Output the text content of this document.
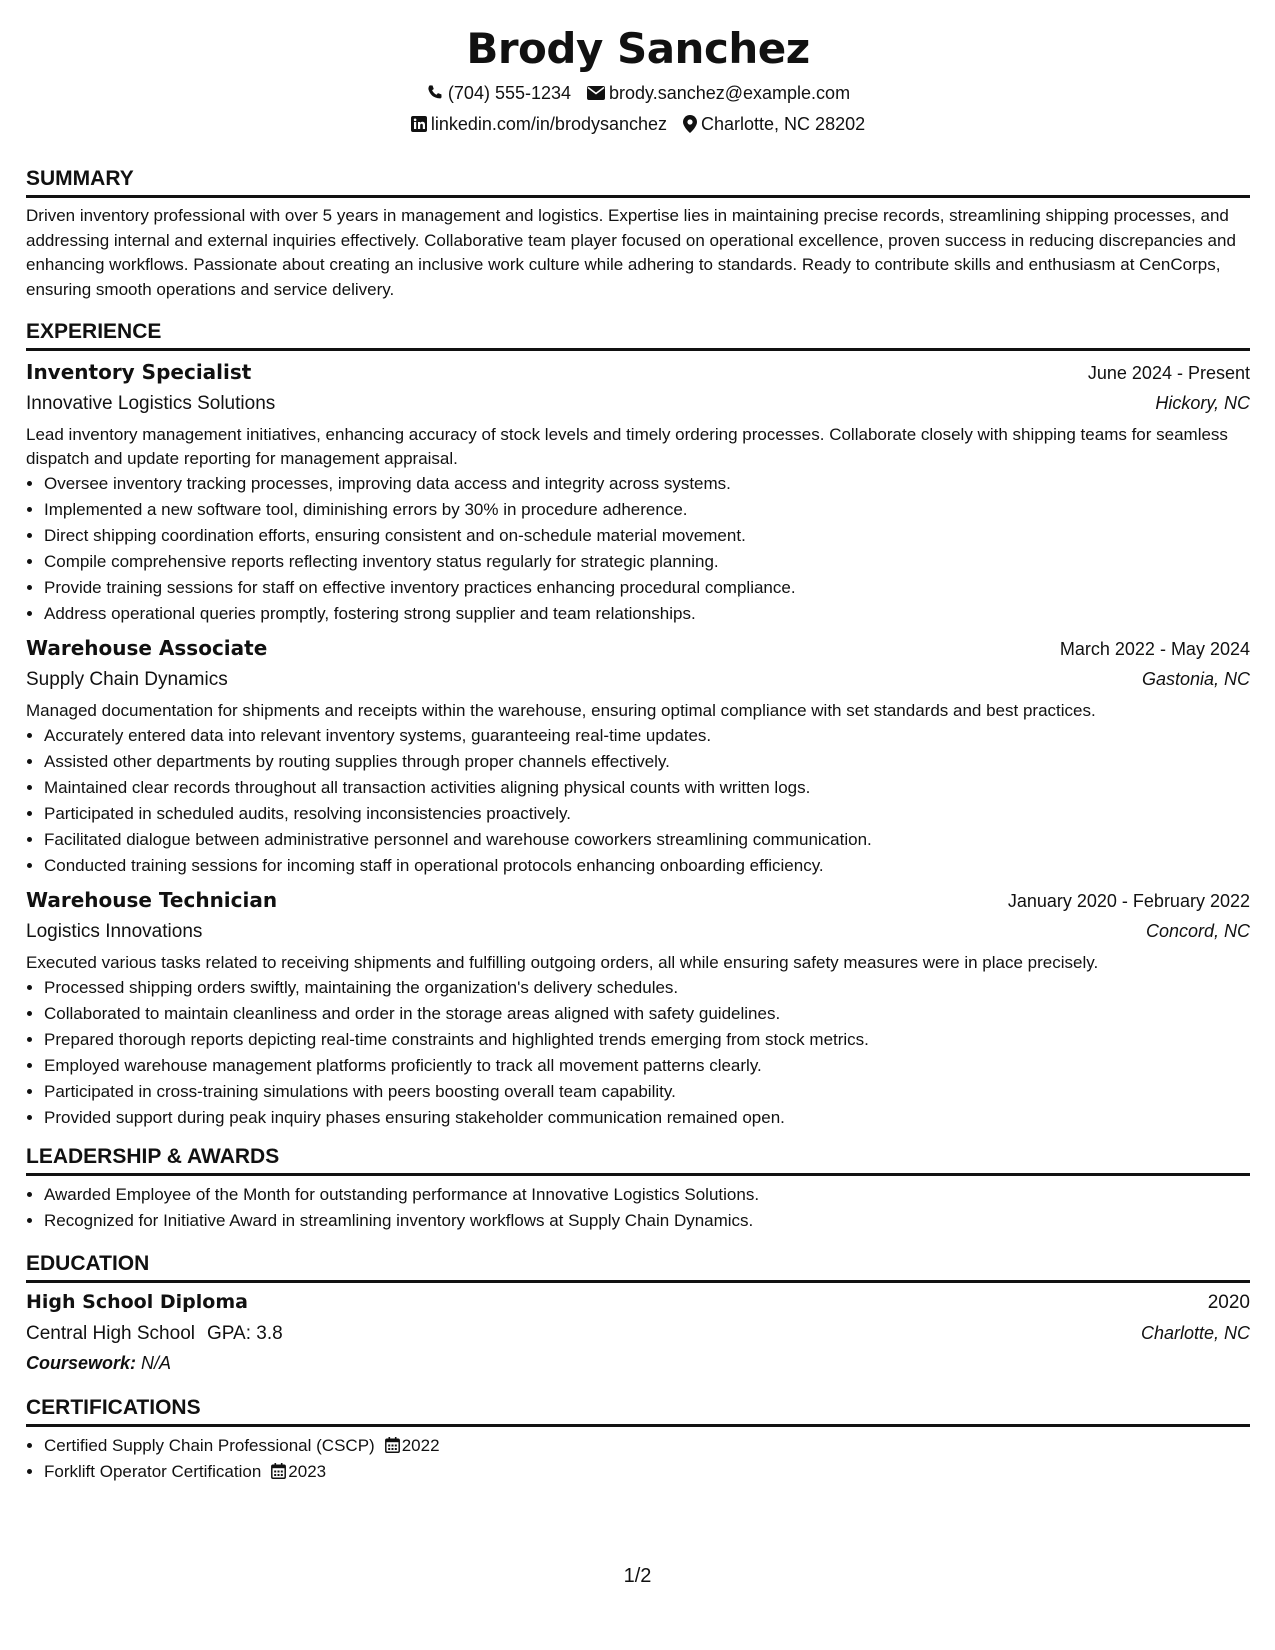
Brody Sanchez
(704) 555-1234 brody.sanchez@example.com
linkedin.com/in/brodysanchez Charlotte, NC 28202
SUMMARY

Driven inventory professional with over 5 years in management and logistics. Expertise lies in maintaining precise records, streamlining shipping processes, and addressing internal and external inquiries effectively. Collaborative team player focused on operational excellence, proven success in reducing discrepancies and enhancing workflows. Passionate about creating an inclusive work culture while adhering to standards. Ready to contribute skills and enthusiasm at CenCorps, ensuring smooth operations and service delivery.

EXPERIENCE
Inventory Specialist	June 2024 - Present
Innovative Logistics Solutions	Hickory, NC

Lead inventory management initiatives, enhancing accuracy of stock levels and timely ordering processes. Collaborate closely with shipping teams for seamless dispatch and update reporting for management appraisal.

• Oversee inventory tracking processes, improving data access and integrity across systems.
• Implemented a new software tool, diminishing errors by 30% in procedure adherence.
• Direct shipping coordination efforts, ensuring consistent and on-schedule material movement.
• Compile comprehensive reports reflecting inventory status regularly for strategic planning.
• Provide training sessions for staff on effective inventory practices enhancing procedural compliance.
• Address operational queries promptly, fostering strong supplier and team relationships.
Warehouse Associate	March 2022 - May 2024
Supply Chain Dynamics	Gastonia, NC

Managed documentation for shipments and receipts within the warehouse, ensuring optimal compliance with set standards and best practices.

• Accurately entered data into relevant inventory systems, guaranteeing real-time updates.
• Assisted other departments by routing supplies through proper channels effectively.
• Maintained clear records throughout all transaction activities aligning physical counts with written logs.
• Participated in scheduled audits, resolving inconsistencies proactively.
• Facilitated dialogue between administrative personnel and warehouse coworkers streamlining communication.
• Conducted training sessions for incoming staff in operational protocols enhancing onboarding efficiency.
Warehouse Technician	January 2020 - February 2022
Logistics Innovations	Concord, NC

Executed various tasks related to receiving shipments and fulfilling outgoing orders, all while ensuring safety measures were in place precisely.

• Processed shipping orders swiftly, maintaining the organization's delivery schedules.
• Collaborated to maintain cleanliness and order in the storage areas aligned with safety guidelines.
• Prepared thorough reports depicting real-time constraints and highlighted trends emerging from stock metrics.
• Employed warehouse management platforms proficiently to track all movement patterns clearly.
• Participated in cross-training simulations with peers boosting overall team capability.
• Provided support during peak inquiry phases ensuring stakeholder communication remained open.
LEADERSHIP & AWARDS
• Awarded Employee of the Month for outstanding performance at Innovative Logistics Solutions.
• Recognized for Initiative Award in streamlining inventory workflows at Supply Chain Dynamics.
EDUCATION
High School Diploma	2020
Central High School GPA: 3.8	Charlotte, NC
Coursework: N/A
CERTIFICATIONS
• Certified Supply Chain Professional (CSCP) 2022
• Forklift Operator Certification 2023
1/2
